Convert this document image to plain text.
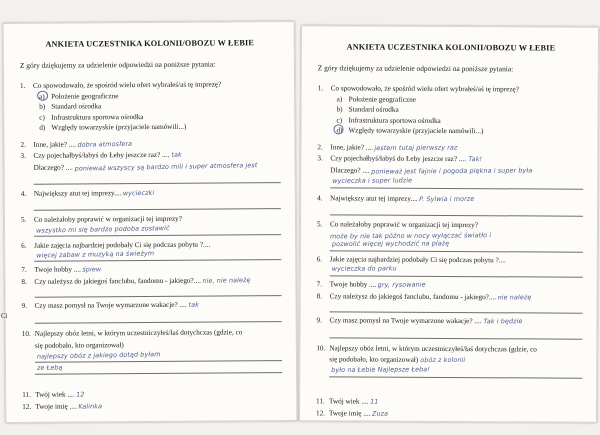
ANKIETA UCZESTNIKA KOLONII/OBOZU W ŁEBIE
Z góry dziękujemy za udzielenie odpowiedzi na poniższe pytania:
1. Co spowodowało, że spośród wielu ofert wybrałeś/aś tę imprezę?
a) Położenie geograficzne
b) Standard ośrodka
c) Infrastruktura sportowa ośrodka
d) Względy towarzyskie (przyjaciele namówili...)
2. Inne, jakie? .... dobra atmosfera
3. Czy pojechałbyś/łabyś do Łeby jeszcze raz? .... tak
Dlaczego? .... ponieważ wszyscy są bardzo mili i super atmosfera jest
4. Największy atut tej imprezy.... wycieczki
5. Co należałoby poprawić w organizacji tej imprezy?
wszystko mi się bardzo podoba zostawić
6. Jakie zajęcia najbardziej podobały Ci się podczas pobytu ?....
więcej zabaw z muzyką na świeżym
7. Twoje hobby .... śpiew
8. Czy należysz do jakiegoś fanclubu, fandomu - jakiego?.... nie, nie należę
9. Czy masz pomysł na Twoje wymarzone wakacje? .... tak
10. Najlepszy obóz letni, w którym uczestniczyłeś/łaś dotychczas (gdzie, co
się podobało, kto organizował)
najlepszy obóz z jakiego dotąd byłam
ze Łebą
11. Twój wiek .... 12
12. Twoje imię .... Kalinka
Ci
ANKIETA UCZESTNIKA KOLONII/OBOZU W ŁEBIE
Z góry dziękujemy za udzielenie odpowiedzi na poniższe pytania:
1. Co spowodowało, że spośród wielu ofert wybrałeś/aś tę imprezę?
a) Położenie geograficzne
b) Standard ośrodka
c) Infrastruktura sportowa ośrodka
d) Względy towarzyskie (przyjaciele namówili...)
2. Inne, jakie? .... jestem tutaj pierwszy raz
3. Czy pojechałbyś/łabyś do Łeby jeszcze raz? .... Tak!
Dlaczego? .... ponieważ jest fajnie i pogoda piękna i super była
wycieczka i super ludzie
4. Największy atut tej imprezy.... P. Sylwia i morze
5. Co należałoby poprawić w organizacji tej imprezy? może by nie tak późno w nocy wyłączać światło i
pozwolić więcej wychodzić na plażę
6. Jakie zajęcia najbardziej podobały Ci się podczas pobytu ?....
wycieczka do parku
7. Twoje hobby .... gry, rysowanie
8. Czy należysz do jakiegoś fanclubu, fandomu - jakiego?.... nie należę
9. Czy masz pomysł na Twoje wymarzone wakacje? .... Tak i będzie
10. Najlepszy obóz letni, w którym uczestniczyłeś/łaś dotychczas (gdzie, co
się podobało, kto organizował) obóz z kolonii
było na Łebie Najlepsze Łeba!
11. Twój wiek .... 11
12. Twoje imię .... Zuza
